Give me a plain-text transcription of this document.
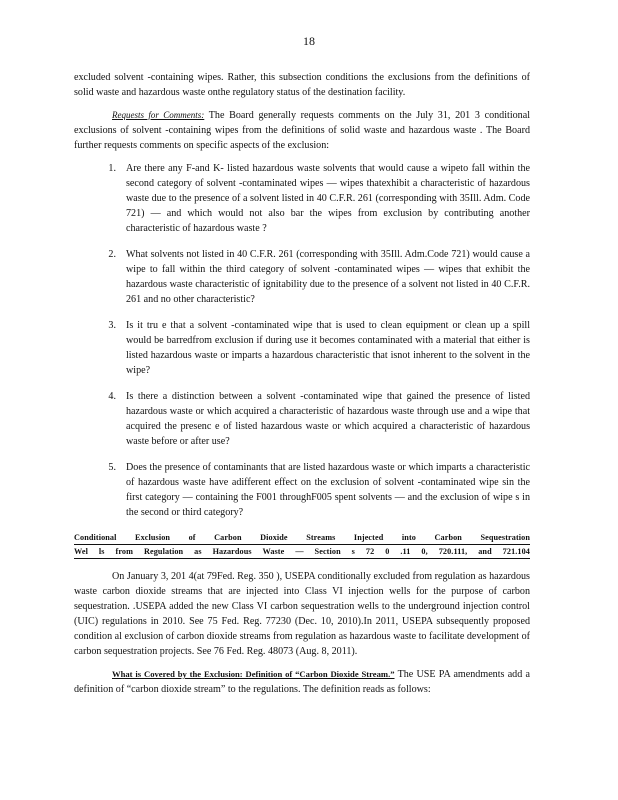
18

excluded solvent -containing wipes. Rather, this subsection conditions the exclusions from the definitions of solid waste and hazardous waste onthe regulatory status of the destination facility.

Requests for Comments: The Board generally requests comments on the July 31, 201 3 conditional exclusions of solvent -containing wipes from the definitions of solid waste and hazardous waste . The Board further requests comments on specific aspects of the exclusion:

1. Are there any F-and K- listed hazardous waste solvents that would cause a wipeto fall within the second category of solvent -contaminated wipes — wipes thatexhibit a characteristic of hazardous waste due to the presence of a solvent listed in 40 C.F.R. 261 (corresponding with 35Ill. Adm. Code 721) — and which would not also bar the wipes from exclusion by contributing another characteristic of hazardous waste ?
2. What solvents not listed in 40 C.F.R. 261 (corresponding with 35Ill. Adm.Code 721) would cause a wipe to fall within the third category of solvent -contaminated wipes — wipes that exhibit the hazardous waste characteristic of ignitability due to the presence of a solvent not listed in 40 C.F.R. 261 and no other characteristic?
3. Is it tru e that a solvent -contaminated wipe that is used to clean equipment or clean up a spill would be barredfrom exclusion if during use it becomes contaminated with a material that either is listed hazardous waste or imparts a hazardous characteristic that isnot inherent to the solvent in the wipe?
4. Is there a distinction between a solvent -contaminated wipe that gained the presence of listed hazardous waste or which acquired a characteristic of hazardous waste through use and a wipe that acquired the presenc e of listed hazardous waste or which acquired a characteristic of hazardous waste before or after use?
5. Does the presence of contaminants that are listed hazardous waste or which imparts a characteristic of hazardous waste have adifferent effect on the exclusion of solvent -contaminated wipe sin the first category — containing the F001 throughF005 spent solvents — and the exclusion of wipe s in the second or third category?
Conditional Exclusion of Carbon Dioxide Streams Injected into Carbon Sequestration
Wel ls from Regulation as Hazardous Waste — Section s 72 0 .11 0, 720.111, and 721.104

On January 3, 201 4(at 79Fed. Reg. 350 ), USEPA conditionally excluded from regulation as hazardous waste carbon dioxide streams that are injected into Class VI injection wells for the purpose of carbon sequestration. .USEPA added the new Class VI carbon sequestration wells to the underground injection control (UIC) regulations in 2010. See 75 Fed. Reg. 77230 (Dec. 10, 2010).In 2011, USEPA subsequently proposed condition al exclusion of carbon dioxide streams from regulation as hazardous waste to facilitate development of carbon sequestration projects. See 76 Fed. Reg. 48073 (Aug. 8, 2011).

What is Covered by the Exclusion: Definition of “Carbon Dioxide Stream.” The USE PA amendments add a definition of “carbon dioxide stream” to the regulations. The definition reads as follows:
